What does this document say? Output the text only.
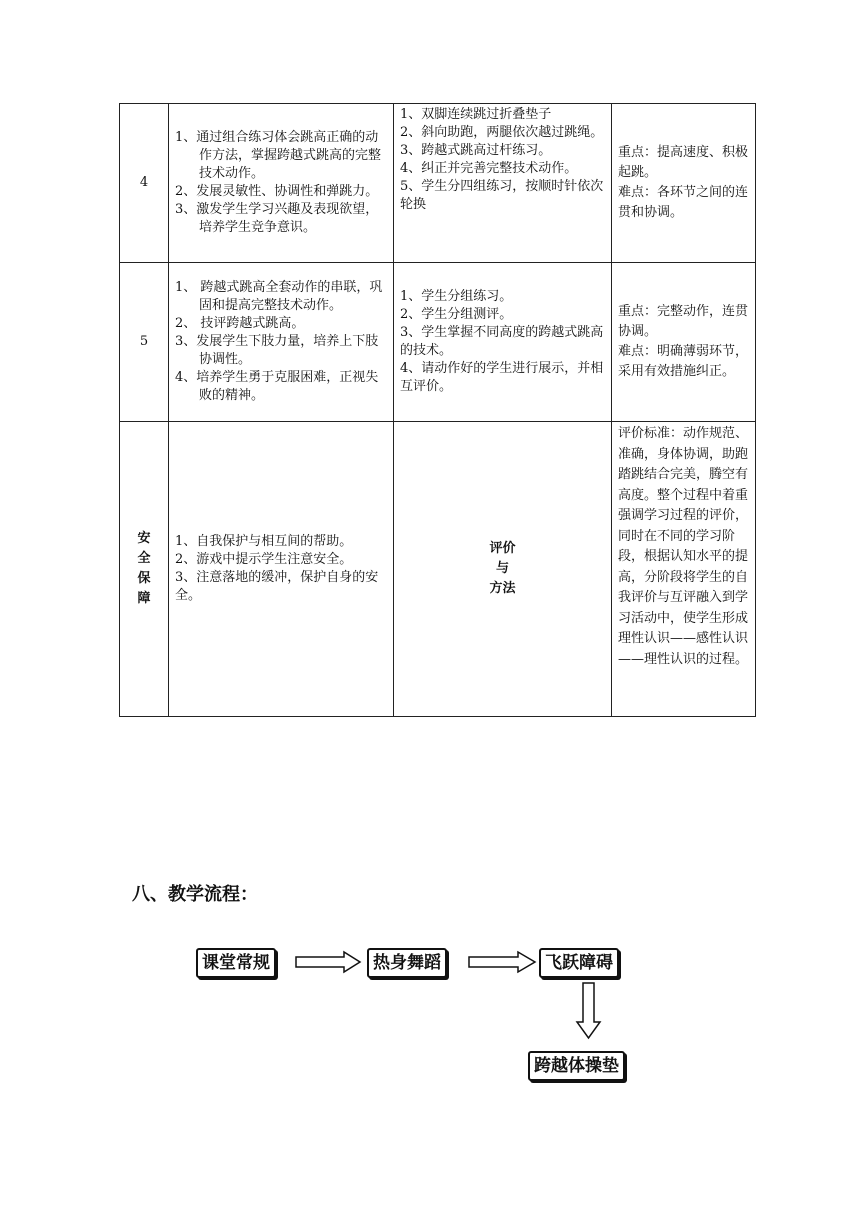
4	1、通过组合练习体会跳高正确的动作方法，掌握跨越式跳高的完整技术动作。
2、发展灵敏性、协调性和弹跳力。
3、激发学生学习兴趣及表现欲望，培养学生竞争意识。	1、双脚连续跳过折叠垫子
2、斜向助跑，两腿依次越过跳绳。
3、跨越式跳高过杆练习。
4、纠正并完善完整技术动作。
5、学生分四组练习，按顺时针依次轮换	重点：提高速度、积极起跳。
难点：各环节之间的连贯和协调。

5	1、 跨越式跳高全套动作的串联，巩固和提高完整技术动作。
2、 技评跨越式跳高。
3、发展学生下肢力量，培养上下肢协调性。
4、培养学生勇于克服困难，正视失败的精神。	1、学生分组练习。
2、学生分组测评。
3、学生掌握不同高度的跨越式跳高的技术。
4、请动作好的学生进行展示，并相互评价。	重点：完整动作，连贯协调。
难点：明确薄弱环节，采用有效措施纠正。

安
全
保
障	1、自我保护与相互间的帮助。
2、游戏中提示学生注意安全。
3、注意落地的缓冲，保护自身的安全。	评价
与
方法	评价标准：动作规范、准确，身体协调，助跑踏跳结合完美，腾空有高度。整个过程中着重强调学习过程的评价，同时在不同的学习阶段，根据认知水平的提高，分阶段将学生的自我评价与互评融入到学习活动中，使学生形成理性认识——感性认识——理性认识的过程。
八、教学流程：
课堂常规	热身舞蹈	飞跃障碍
跨越体操垫
